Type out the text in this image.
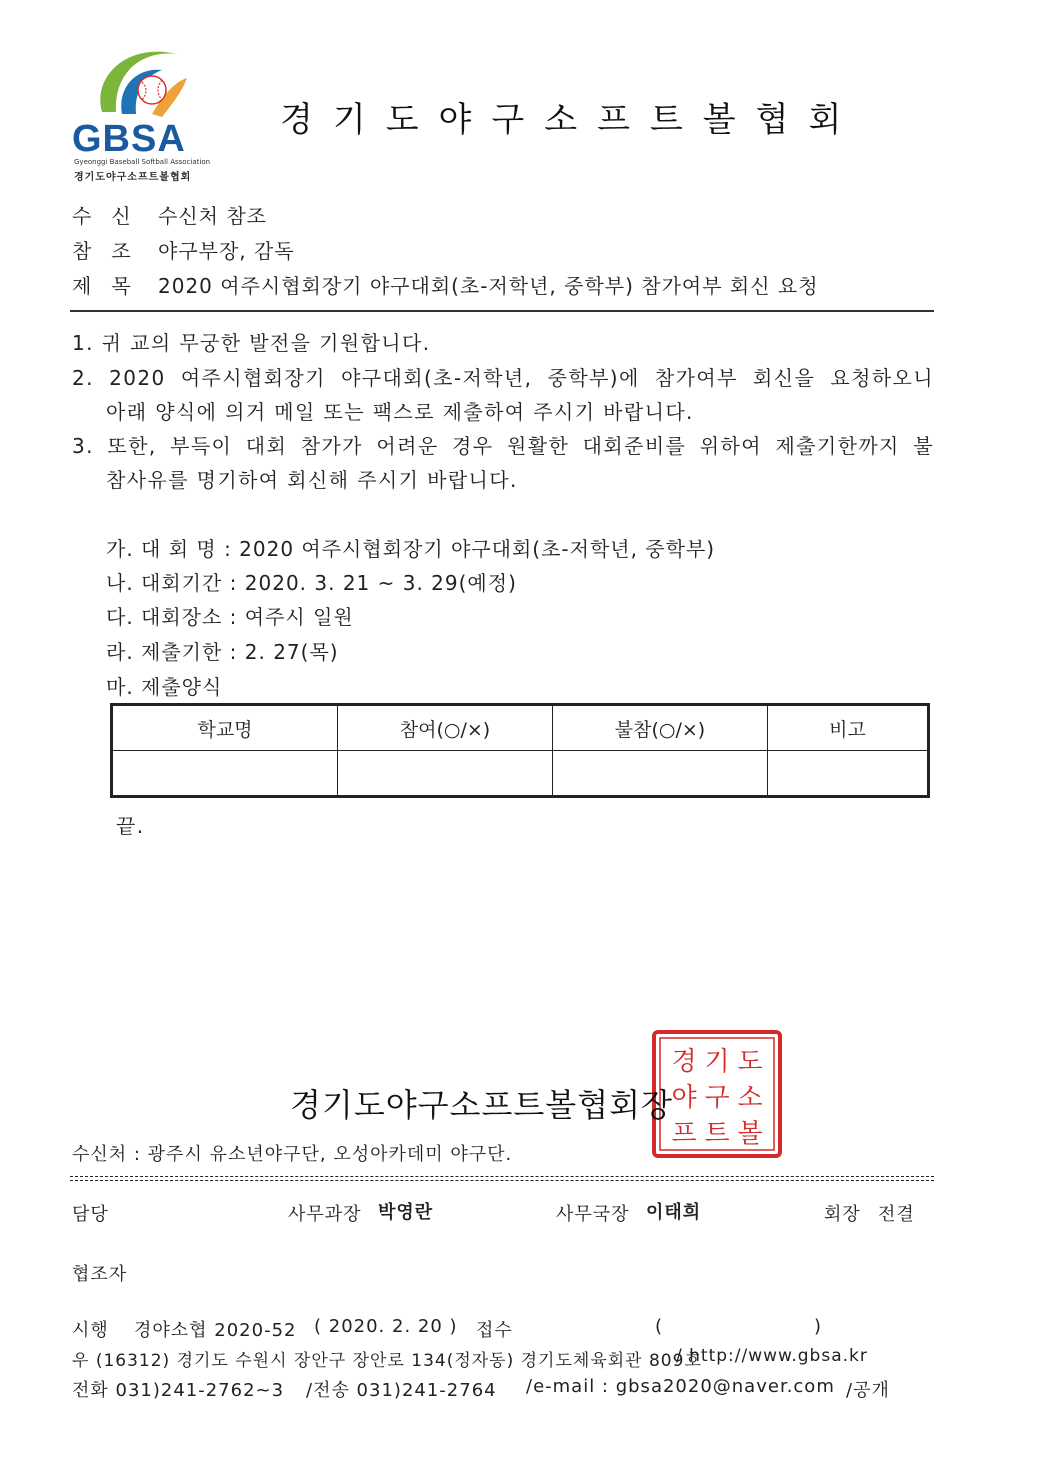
GBSA
Gyeonggi Baseball Softball Association
경기도야구소프트볼협회
경기도야구소프트볼협회
수신 수신처 참조
참조 야구부장, 감독
제목 2020 여주시협회장기 야구대회(초-저학년, 중학부) 참가여부 회신 요청
1. 귀 교의 무궁한 발전을 기원합니다.
2. 2020 여주시협회장기 야구대회(초-저학년, 중학부)에 참가여부 회신을 요청하오니
아래 양식에 의거 메일 또는 팩스로 제출하여 주시기 바랍니다.
3. 또한, 부득이 대회 참가가 어려운 경우 원활한 대회준비를 위하여 제출기한까지 불
참사유를 명기하여 회신해 주시기 바랍니다.
가. 대 회 명 : 2020 여주시협회장기 야구대회(초-저학년, 중학부)
나. 대회기간 : 2020. 3. 21 ~ 3. 29(예정)
다. 대회장소 : 여주시 일원
라. 제출기한 : 2. 27(목)
마. 제출양식
학교명	참여(○/×)	불참(○/×)	비고

끝.
경 기 도
야 구 소
프 트 볼
경기도야구소프트볼협회장
수신처 : 광주시 유소년야구단, 오성아카데미 야구단.
담당	사무과장 박영란	사무국장 이태희	회장 전결
협조자
시행 경야소협 2020-52 ( 2020. 2. 20 ) 접수	(	)
우 (16312) 경기도 수원시 장안구 장안로 134(정자동) 경기도체육회관 809호
/ http://www.gbsa.kr
전화 031)241-2762~3 /전송 031)241-2764 /e-mail : gbsa2020@naver.com /공개
